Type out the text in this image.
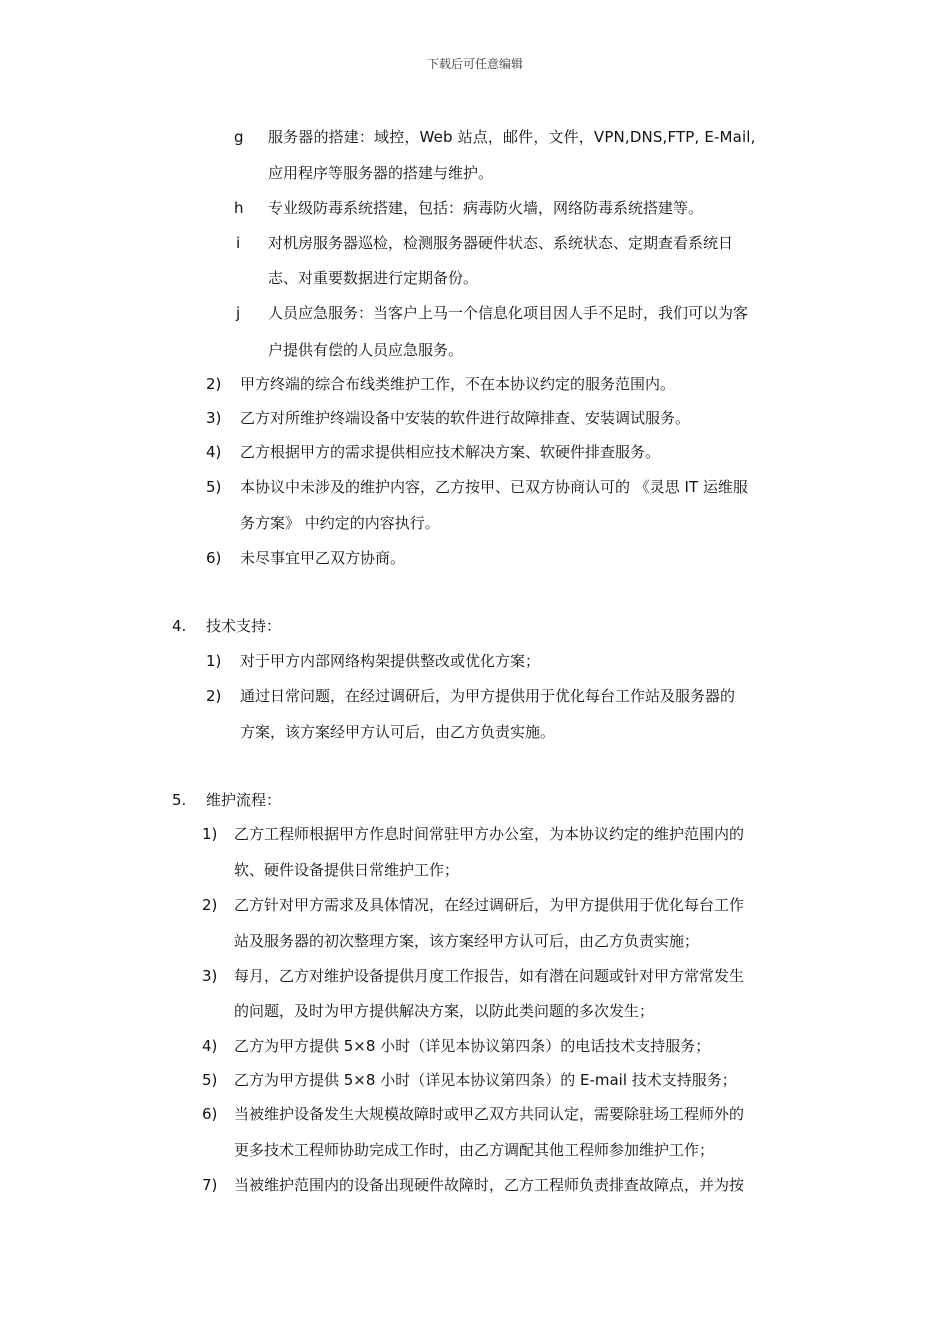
下载后可任意编辑
g 服务器的搭建：域控，Web 站点，邮件，文件，VPN,DNS,FTP, E-Mail,
应用程序等服务器的搭建与维护。
h 专业级防毒系统搭建，包括：病毒防火墙，网络防毒系统搭建等。
i 对机房服务器巡检，检测服务器硬件状态、系统状态、定期查看系统日
志、对重要数据进行定期备份。
j 人员应急服务：当客户上马一个信息化项目因人手不足时，我们可以为客
户提供有偿的人员应急服务。
2) 甲方终端的综合布线类维护工作，不在本协议约定的服务范围内。
3) 乙方对所维护终端设备中安装的软件进行故障排查、安装调试服务。
4) 乙方根据甲方的需求提供相应技术解决方案、软硬件排查服务。
5) 本协议中未涉及的维护内容，乙方按甲、已双方协商认可的 《灵思 IT 运维服
务方案》 中约定的内容执行。
6) 未尽事宜甲乙双方协商。
4. 技术支持：
1) 对于甲方内部网络构架提供整改或优化方案；
2) 通过日常问题，在经过调研后，为甲方提供用于优化每台工作站及服务器的
方案，该方案经甲方认可后，由乙方负责实施。
5. 维护流程：
1) 乙方工程师根据甲方作息时间常驻甲方办公室，为本协议约定的维护范围内的
软、硬件设备提供日常维护工作；
2) 乙方针对甲方需求及具体情况，在经过调研后，为甲方提供用于优化每台工作
站及服务器的初次整理方案，该方案经甲方认可后，由乙方负责实施；
3) 每月，乙方对维护设备提供月度工作报告，如有潜在问题或针对甲方常常发生
的问题，及时为甲方提供解决方案，以防此类问题的多次发生；
4) 乙方为甲方提供 5×8 小时（详见本协议第四条）的电话技术支持服务；
5) 乙方为甲方提供 5×8 小时（详见本协议第四条）的 E-mail 技术支持服务；
6) 当被维护设备发生大规模故障时或甲乙双方共同认定，需要除驻场工程师外的
更多技术工程师协助完成工作时，由乙方调配其他工程师参加维护工作；
7) 当被维护范围内的设备出现硬件故障时，乙方工程师负责排查故障点，并为按
